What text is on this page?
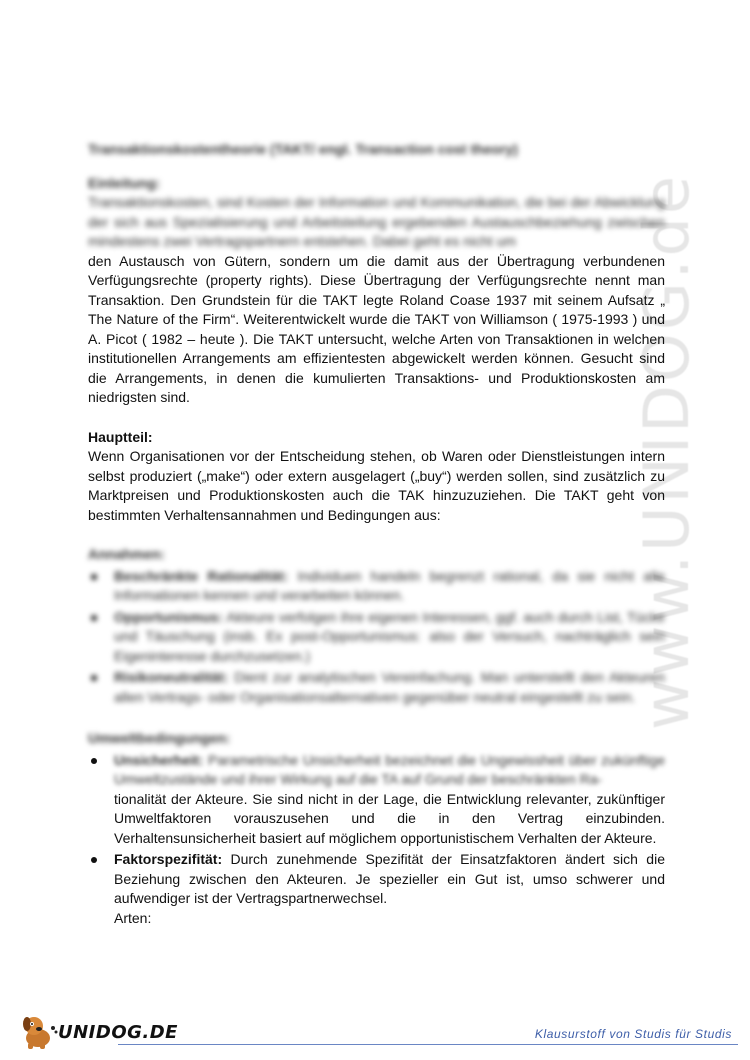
www.UNIDOG.de

Transaktionskostentheorie (TAKT/ engl. Transaction cost theory)

Einleitung:

Transaktionskosten, sind Kosten der Information und Kommunikation, die bei der Abwicklung der sich aus Spezialisierung und Arbeitsteilung ergebenden Austauschbeziehung zwischen mindestens zwei Vertragspartnern entstehen. Dabei geht es nicht um

den Austausch von Gütern, sondern um die damit aus der Übertragung verbundenen Verfügungsrechte (property rights). Diese Übertragung der Verfügungsrechte nennt man Transaktion. Den Grundstein für die TAKT legte Roland Coase 1937 mit seinem Aufsatz „ The Nature of the Firm“. Weiterentwickelt wurde die TAKT von Williamson ( 1975-1993 ) und A. Picot ( 1982 – heute ). Die TAKT untersucht, welche Arten von Transaktionen in welchen institutionellen Arrangements am effizientesten abgewickelt werden können. Gesucht sind die Arrangements, in denen die kumulierten Transaktions- und Produktionskosten am niedrigsten sind.

Hauptteil:

Wenn Organisationen vor der Entscheidung stehen, ob Waren oder Dienstleistungen intern selbst produziert („make“) oder extern ausgelagert („buy“) werden sollen, sind zusätzlich zu Marktpreisen und Produktionskosten auch die TAK hinzuzuziehen. Die TAKT geht von bestimmten Verhaltensannahmen und Bedingungen aus:

Annahmen:

Beschränkte Rationalität: Individuen handeln begrenzt rational, da sie nicht alle Informationen kennen und verarbeiten können.
Opportunismus: Akteure verfolgen ihre eigenen Interessen, ggf. auch durch List, Tücke und Täuschung (insb. Ex post-Opportunismus: also der Versuch, nachträglich sein Eigeninteresse durchzusetzen.)
Risikoneutralität: Dient zur analytischen Vereinfachung. Man unterstellt den Akteuren allen Vertrags- oder Organisationsalternativen gegenüber neutral eingestellt zu sein.

Umweltbedingungen:

Unsicherheit: Parametrische Unsicherheit bezeichnet die Ungewissheit über zukünftige Umweltzustände und ihrer Wirkung auf die TA auf Grund der beschränkten Ra-
tionalität der Akteure. Sie sind nicht in der Lage, die Entwicklung relevanter, zukünftiger Umweltfaktoren vorauszusehen und die in den Vertrag einzubinden. Verhaltensunsicherheit basiert auf möglichem opportunistischem Verhalten der Akteure.
Faktorspezifität: Durch zunehmende Spezifität der Einsatzfaktoren ändert sich die Beziehung zwischen den Akteuren. Je spezieller ein Gut ist, umso schwerer und aufwendiger ist der Vertragspartnerwechsel.
Arten:
UNIDOG.DE	Klausurstoff von Studis für Studis
